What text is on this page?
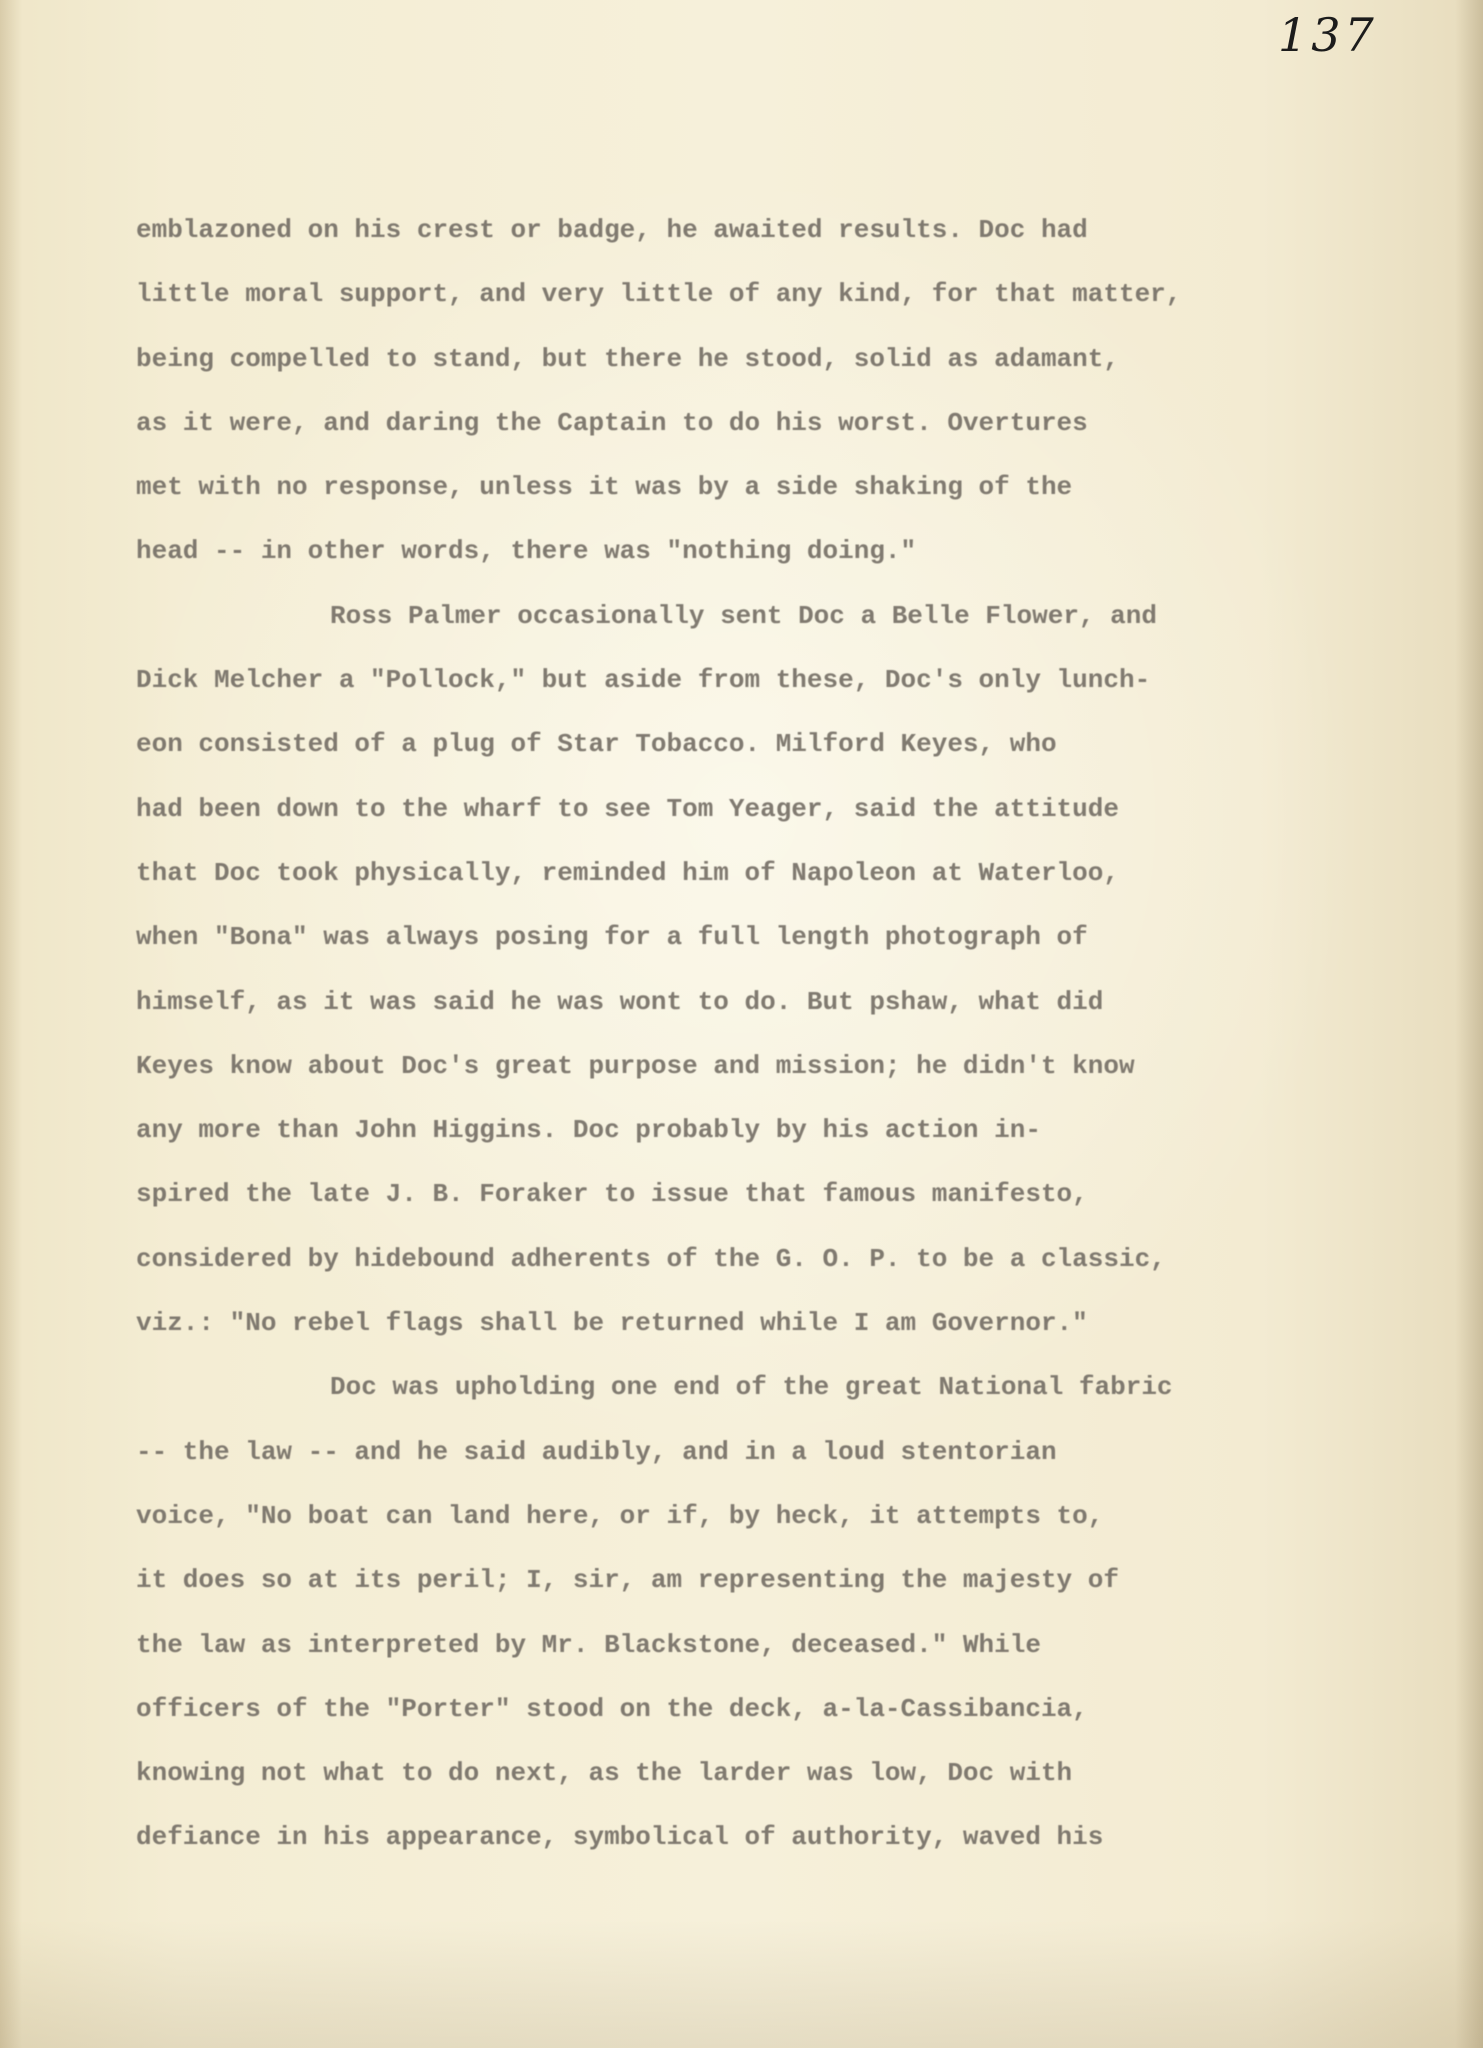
137
emblazoned on his crest or badge, he awaited results. Doc had
little moral support, and very little of any kind, for that matter,
being compelled to stand, but there he stood, solid as adamant,
as it were, and daring the Captain to do his worst. Overtures
met with no response, unless it was by a side shaking of the
head -- in other words, there was "nothing doing."
Ross Palmer occasionally sent Doc a Belle Flower, and
Dick Melcher a "Pollock," but aside from these, Doc's only lunch-
eon consisted of a plug of Star Tobacco. Milford Keyes, who
had been down to the wharf to see Tom Yeager, said the attitude
that Doc took physically, reminded him of Napoleon at Waterloo,
when "Bona" was always posing for a full length photograph of
himself, as it was said he was wont to do. But pshaw, what did
Keyes know about Doc's great purpose and mission; he didn't know
any more than John Higgins. Doc probably by his action in-
spired the late J. B. Foraker to issue that famous manifesto,
considered by hidebound adherents of the G. O. P. to be a classic,
viz.: "No rebel flags shall be returned while I am Governor."
Doc was upholding one end of the great National fabric
-- the law -- and he said audibly, and in a loud stentorian
voice, "No boat can land here, or if, by heck, it attempts to,
it does so at its peril; I, sir, am representing the majesty of
the law as interpreted by Mr. Blackstone, deceased." While
officers of the "Porter" stood on the deck, a-la-Cassibancia,
knowing not what to do next, as the larder was low, Doc with
defiance in his appearance, symbolical of authority, waved his
